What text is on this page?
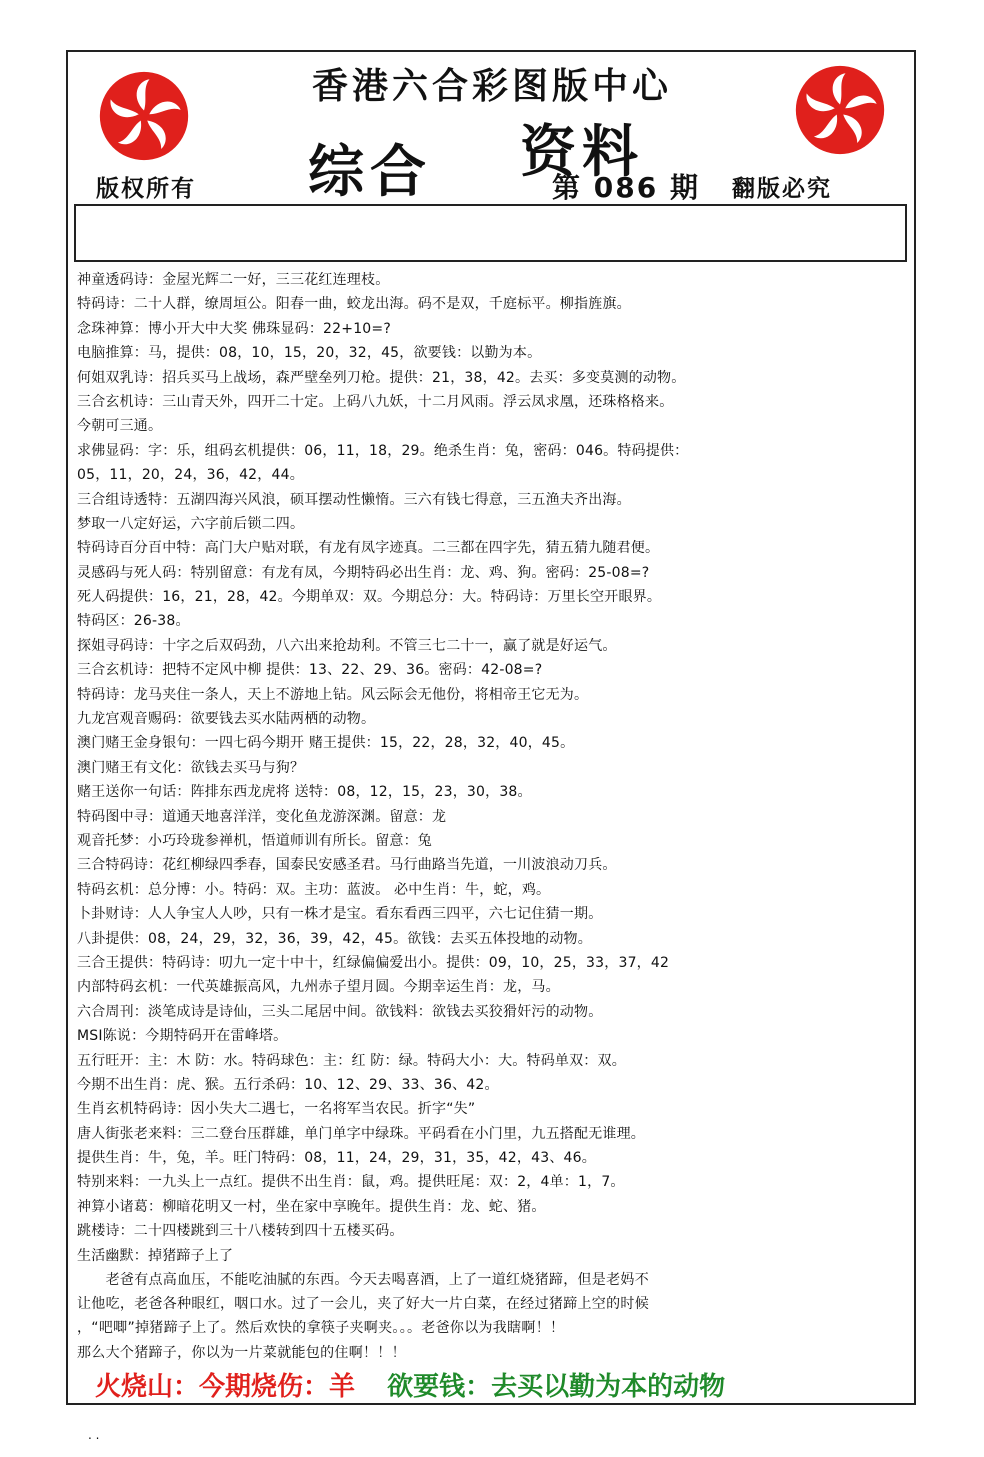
香港六合彩图版中心
版权所有	翻版必究
综合 资料
第 086 期
神童透码诗：金屋光辉二一好，三三花红连理枝。
特码诗：二十人群，缭周垣公。阳春一曲，蛟龙出海。码不是双，千庭标平。柳指旌旗。
念珠神算：博小开大中大奖 佛珠显码：22+10=?
电脑推算：马，提供：08，10，15，20，32，45，欲要钱：以勤为本。
何姐双乳诗：招兵买马上战场，森严壁垒列刀枪。提供：21，38，42。去买：多变莫测的动物。
三合玄机诗：三山青天外，四开二十定。上码八九妖，十二月风雨。浮云凤求凰，还珠格格来。
今朝可三通。
求佛显码：字：乐，组码玄机提供：06，11，18，29。绝杀生肖：兔，密码：046。特码提供：
05，11，20，24，36，42，44。
三合组诗透特：五湖四海兴风浪，硕耳摆动性懒惰。三六有钱七得意，三五渔夫齐出海。
梦取一八定好运，六字前后锁二四。
特码诗百分百中特：高门大户贴对联，有龙有凤字迹真。二三都在四字先，猜五猜九随君便。
灵感码与死人码：特别留意：有龙有凤，今期特码必出生肖：龙、鸡、狗。密码：25-08=?
死人码提供：16，21，28，42。今期单双：双。今期总分：大。特码诗：万里长空开眼界。
特码区：26-38。
探姐寻码诗：十字之后双码劲，八六出来抢劫利。不管三七二十一，赢了就是好运气。
三合玄机诗：把特不定风中柳 提供：13、22、29、36。密码：42-08=?
特码诗：龙马夹住一条人，天上不游地上钻。风云际会无他份，将相帝王它无为。
九龙宫观音赐码：欲要钱去买水陆两栖的动物。
澳门赌王金身银句：一四七码今期开 赌王提供：15，22，28，32，40，45。
澳门赌王有文化：欲钱去买马与狗？
赌王送你一句话：阵排东西龙虎将 送特：08，12，15，23，30，38。
特码图中寻：道通天地喜洋洋，变化鱼龙游深渊。留意：龙
观音托梦：小巧玲珑参禅机，悟道师训有所长。留意：兔
三合特码诗：花红柳绿四季春，国泰民安感圣君。马行曲路当先道，一川波浪动刀兵。
特码玄机：总分博：小。特码：双。主功：蓝波。 必中生肖：牛，蛇，鸡。
卜卦财诗：人人争宝人人吵，只有一株才是宝。看东看西三四平，六七记住猜一期。
八卦提供：08，24，29，32，36，39，42，45。欲钱：去买五体投地的动物。
三合王提供：特码诗：叨九一定十中十，红绿偏偏爱出小。提供：09，10，25，33，37，42
内部特码玄机：一代英雄振高风，九州赤子望月圆。今期幸运生肖：龙，马。
六合周刊：淡笔成诗是诗仙，三头二尾居中间。欲钱料：欲钱去买狡猾奸污的动物。
MSI陈说：今期特码开在雷峰塔。
五行旺开：主：木 防：水。特码球色：主：红 防：绿。特码大小：大。特码单双：双。
今期不出生肖：虎、猴。五行杀码：10、12、29、33、36、42。
生肖玄机特码诗：因小失大二遇七，一名将军当农民。折字“失”
唐人街张老来料：三二登台压群雄，单门单字中绿珠。平码看在小门里，九五搭配无谁理。
提供生肖：牛，兔，羊。旺门特码：08，11，24，29，31，35，42，43、46。
特别来料：一九头上一点红。提供不出生肖：鼠，鸡。提供旺尾：双：2，4单：1，7。
神算小诸葛：柳暗花明又一村，坐在家中享晚年。提供生肖：龙、蛇、猪。
跳楼诗：二十四楼跳到三十八楼转到四十五楼买码。
生活幽默：掉猪蹄子上了
　　老爸有点高血压，不能吃油腻的东西。今天去喝喜酒，上了一道红烧猪蹄，但是老妈不
让他吃，老爸各种眼红，咽口水。过了一会儿，夹了好大一片白菜，在经过猪蹄上空的时候
，“吧唧”掉猪蹄子上了。然后欢快的拿筷子夹啊夹。。。老爸你以为我瞎啊！！
那么大个猪蹄子，你以为一片菜就能包的住啊！！！
火烧山：今期烧伤：羊 欲要钱：去买以勤为本的动物
. .
